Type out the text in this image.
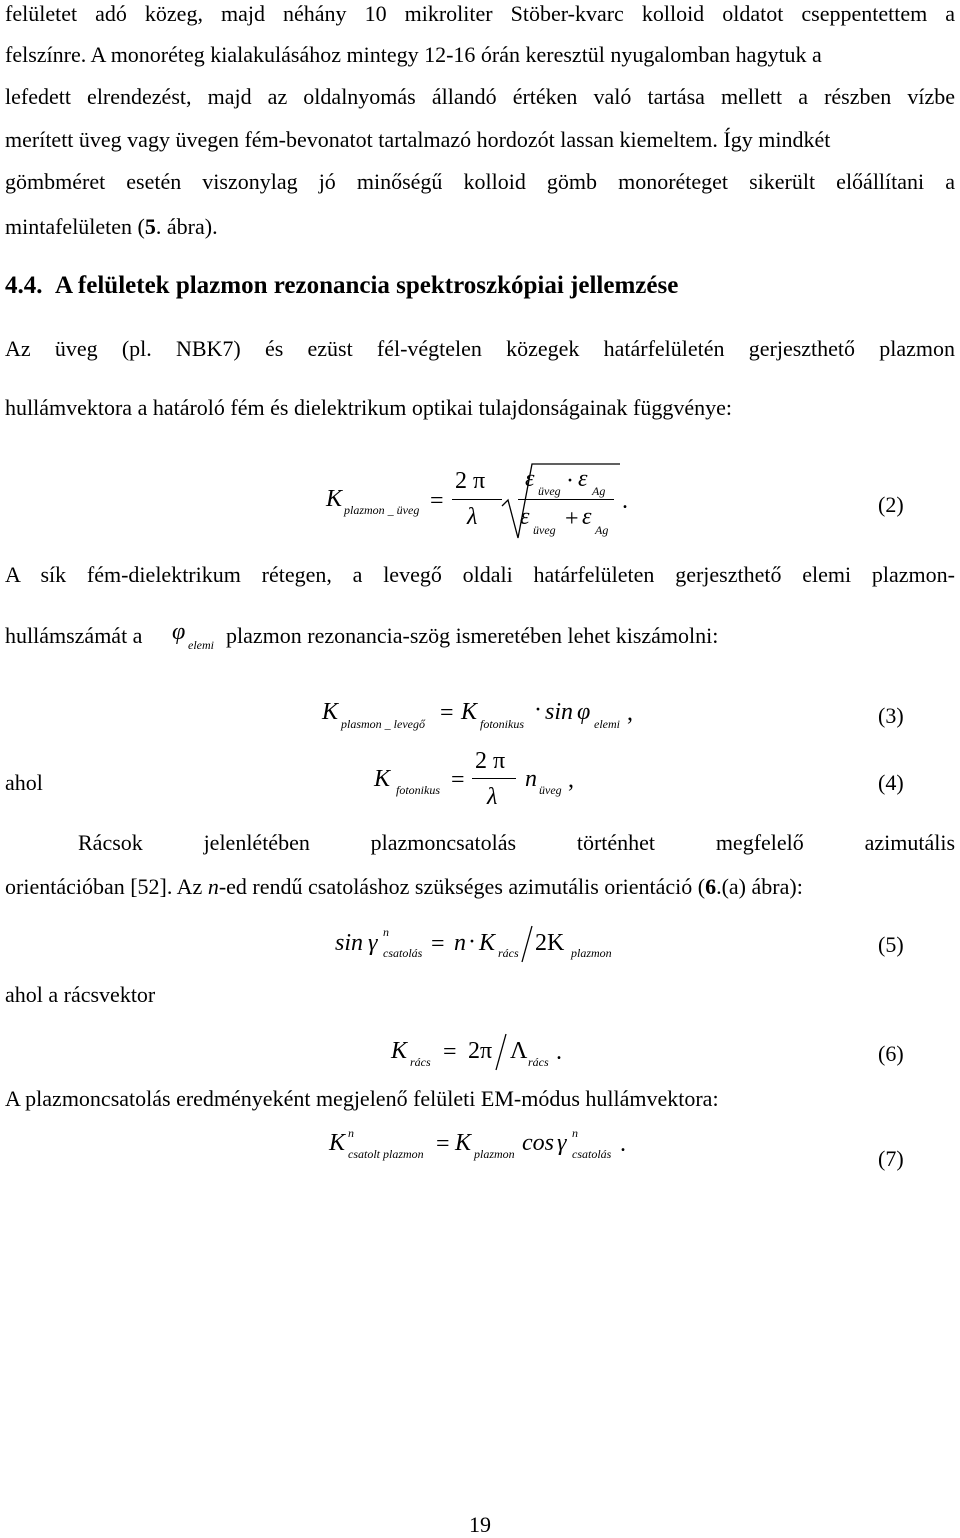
felületet adó közeg, majd néhány 10 mikroliter Stöber-kvarc kolloid oldatot cseppentettem a
felszínre. A monoréteg kialakulásához mintegy 12-16 órán keresztül nyugalomban hagytuk a
lefedett elrendezést, majd az oldalnyomás állandó értéken való tartása mellett a részben vízbe
merített üveg vagy üvegen fém-bevonatot tartalmazó hordozót lassan kiemeltem. Így mindkét
gömbméret esetén viszonylag jó minőségű kolloid gömb monoréteget sikerült előállítani a
mintafelületen (5. ábra).
4.4. A felületek plazmon rezonancia spektroszkópiai jellemzése
Az üveg (pl. NBK7) és ezüst fél-végtelen közegek határfelületén gerjeszthető plazmon
hullámvektora a határoló fém és dielektrikum optikai tulajdonságainak függvénye:
K plazmon _ üveg =
2 π
λ
ε üveg · ε Ag
ε üveg + ε Ag
.	(2)
A sík fém-dielektrikum rétegen, a levegő oldali határfelületen gerjeszthető elemi plazmon-
hullámszámát a φ elemi plazmon rezonancia-szög ismeretében lehet kiszámolni:
K plasmon _ levegő = K fotonikus
· sin φ elemi ,	(3)
ahol	K fotonikus =
2 π
λ
n üveg ,	(4)
Rácsok jelenlétében plazmoncsatolás történhet megfelelő azimutális
orientációban [52]. Az n-ed rendű csatoláshoz szükséges azimutális orientáció (6.(a) ábra):
sin γ n
csatolás = n · K rács 2K plazmon	(5)
ahol a rácsvektor
K rács = 2π Λ rács .	(6)
A plazmoncsatolás eredményeként megjelenő felületi EM-módus hullámvektora:
K n
csatolt plazmon = K plazmon cos γ n
csatolás .
(7)
19
